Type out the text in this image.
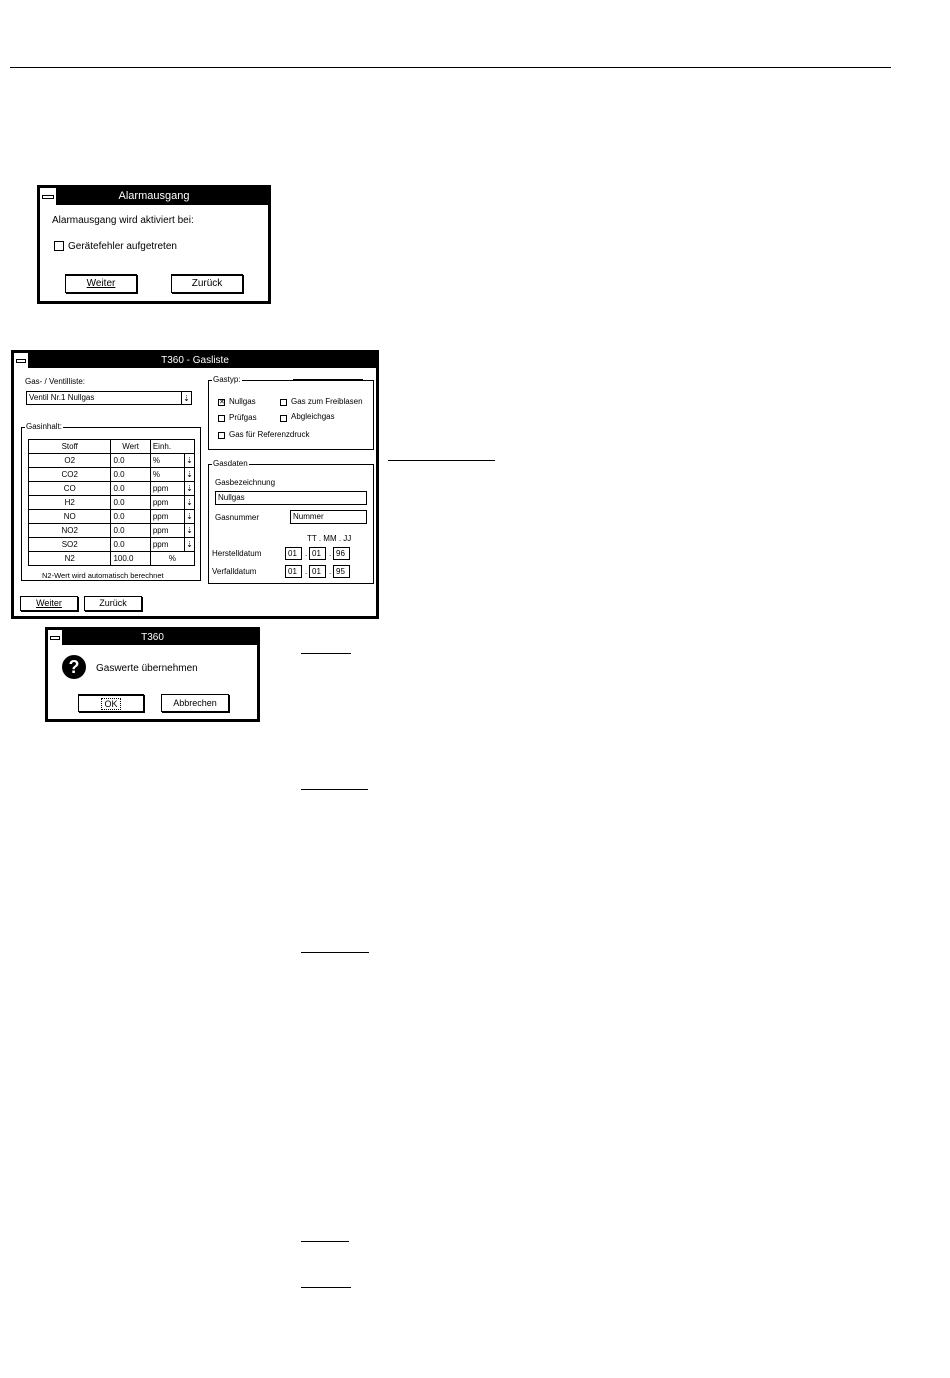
Alarmausgang
Alarmausgang wird aktiviert bei:
Gerätefehler aufgetreten
Weiter	Zurück
T360 - Gasliste
Gas- / Ventilliste:
Ventil Nr.1 Nullgas	⇣
Gasinhalt:
Stoff	Wert	Einh.
O2	0.0	% ⇣

CO2	0.0	% ⇣

CO	0.0	ppm ⇣

H2	0.0	ppm ⇣

NO	0.0	ppm ⇣

NO2	0.0	ppm ⇣

SO2	0.0	ppm ⇣

N2	100.0	%
N2-Wert wird automatisch berechnet
Gastyp:
✕ Nullgas	Gas zum Freiblasen
Prüfgas	Abgleichgas
Gas für Referenzdruck
Gasdaten
Gasbezeichnung
Nullgas
Gasnummer	Nummer
TT . MM . JJ
Herstelldatum	01	. 01	. 96
Verfalldatum	01	. 01	. 95
Weiter	Zurück
T360
?	Gaswerte übernehmen
OK	Abbrechen
